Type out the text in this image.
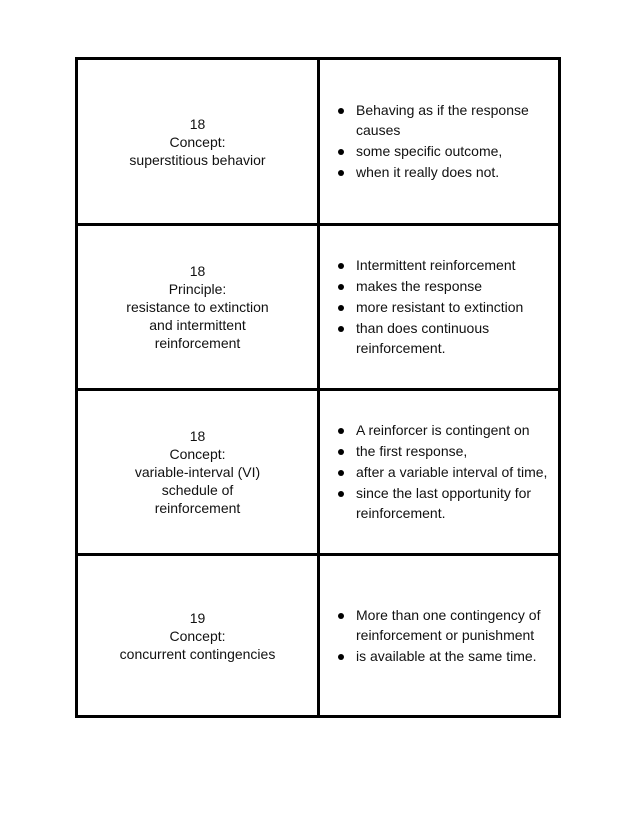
18
Concept:
superstitious behavior
Behaving as if the response causes
some specific outcome,
when it really does not.
18
Principle:
resistance to extinction
and intermittent
reinforcement
Intermittent reinforcement
makes the response
more resistant to extinction
than does continuous reinforcement.
18
Concept:
variable-interval (VI)
schedule of
reinforcement
A reinforcer is contingent on
the first response,
after a variable interval of time,
since the last opportunity for reinforcement.
19
Concept:
concurrent contingencies
More than one contingency of reinforcement or punishment
is available at the same time.
